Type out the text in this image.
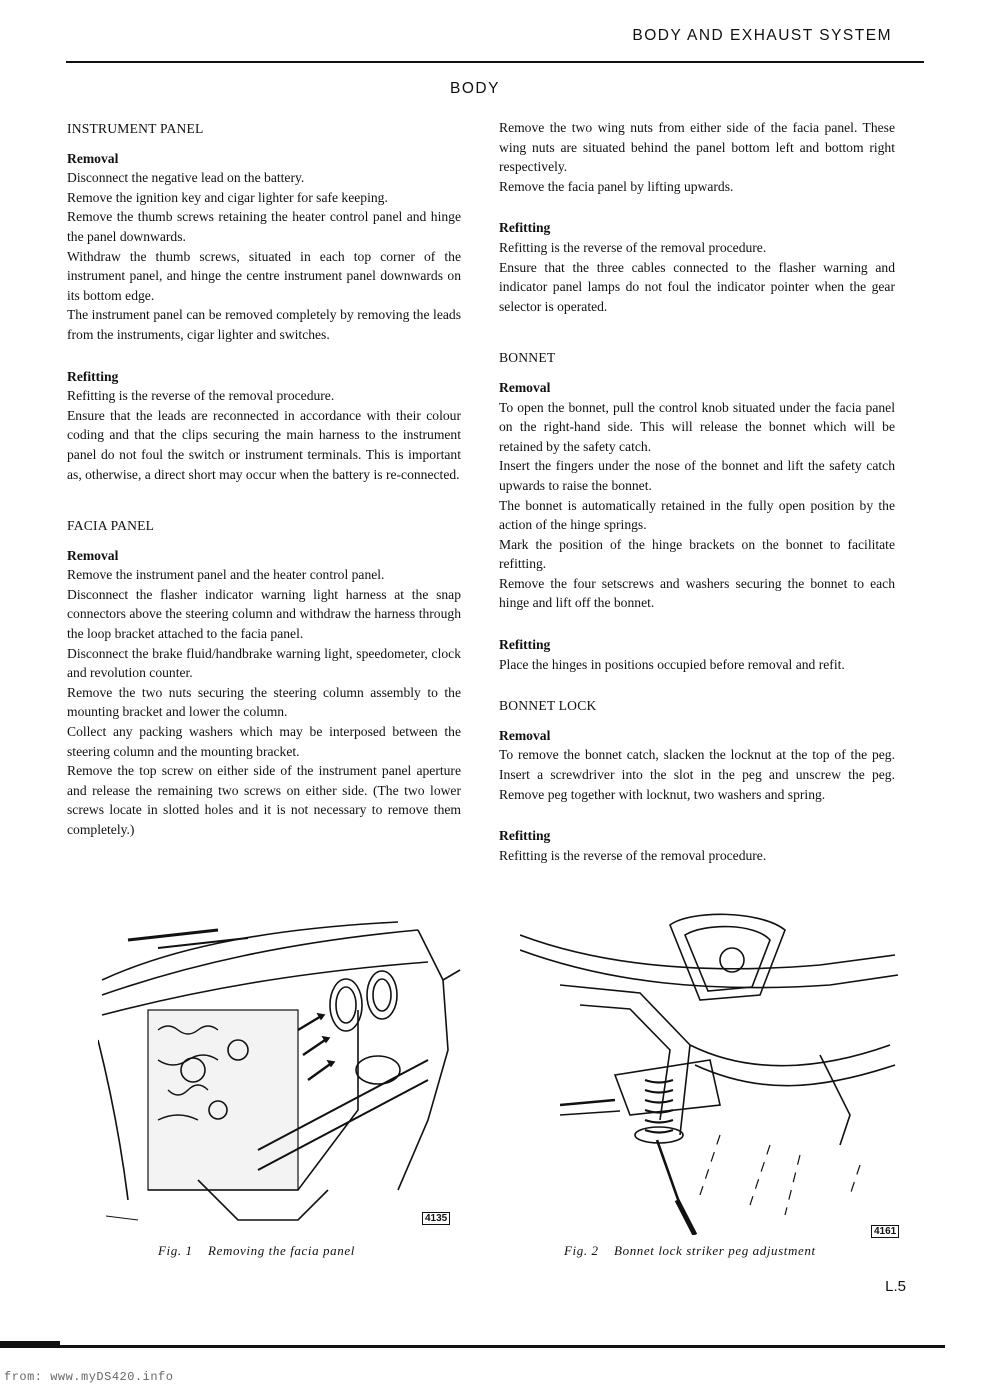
BODY AND EXHAUST SYSTEM
BODY

INSTRUMENT PANEL

Removal

Disconnect the negative lead on the battery.

Remove the ignition key and cigar lighter for safe keeping.

Remove the thumb screws retaining the heater control panel and hinge the panel downwards.

Withdraw the thumb screws, situated in each top corner of the instrument panel, and hinge the centre instrument panel downwards on its bottom edge.

The instrument panel can be removed completely by removing the leads from the instruments, cigar lighter and switches.

Refitting

Refitting is the reverse of the removal procedure.

Ensure that the leads are reconnected in accordance with their colour coding and that the clips securing the main harness to the instrument panel do not foul the switch or instrument terminals. This is important as, otherwise, a direct short may occur when the battery is re-connected.

FACIA PANEL

Removal

Remove the instrument panel and the heater control panel.

Disconnect the flasher indicator warning light harness at the snap connectors above the steering column and withdraw the harness through the loop bracket attached to the facia panel.

Disconnect the brake fluid/handbrake warning light, speedometer, clock and revolution counter.

Remove the two nuts securing the steering column assembly to the mounting bracket and lower the column.

Collect any packing washers which may be interposed between the steering column and the mounting bracket.

Remove the top screw on either side of the instrument panel aperture and release the remaining two screws on either side. (The two lower screws locate in slotted holes and it is not necessary to remove them completely.)

Remove the two wing nuts from either side of the facia panel. These wing nuts are situated behind the panel bottom left and bottom right respectively.

Remove the facia panel by lifting upwards.

Refitting

Refitting is the reverse of the removal procedure.

Ensure that the three cables connected to the flasher warning and indicator panel lamps do not foul the indicator pointer when the gear selector is operated.

BONNET

Removal

To open the bonnet, pull the control knob situated under the facia panel on the right-hand side. This will release the bonnet which will be retained by the safety catch.

Insert the fingers under the nose of the bonnet and lift the safety catch upwards to raise the bonnet.

The bonnet is automatically retained in the fully open position by the action of the hinge springs.

Mark the position of the hinge brackets on the bonnet to facilitate refitting.

Remove the four setscrews and washers securing the bonnet to each hinge and lift off the bonnet.

Refitting

Place the hinges in positions occupied before removal and refit.

BONNET LOCK

Removal

To remove the bonnet catch, slacken the locknut at the top of the peg. Insert a screwdriver into the slot in the peg and unscrew the peg. Remove peg together with locknut, two washers and spring.

Refitting

Refitting is the reverse of the removal procedure.

4135
Fig. 1    Removing the facia panel
4161
Fig. 2    Bonnet lock striker peg adjustment
L.5
from: www.myDS420.info
